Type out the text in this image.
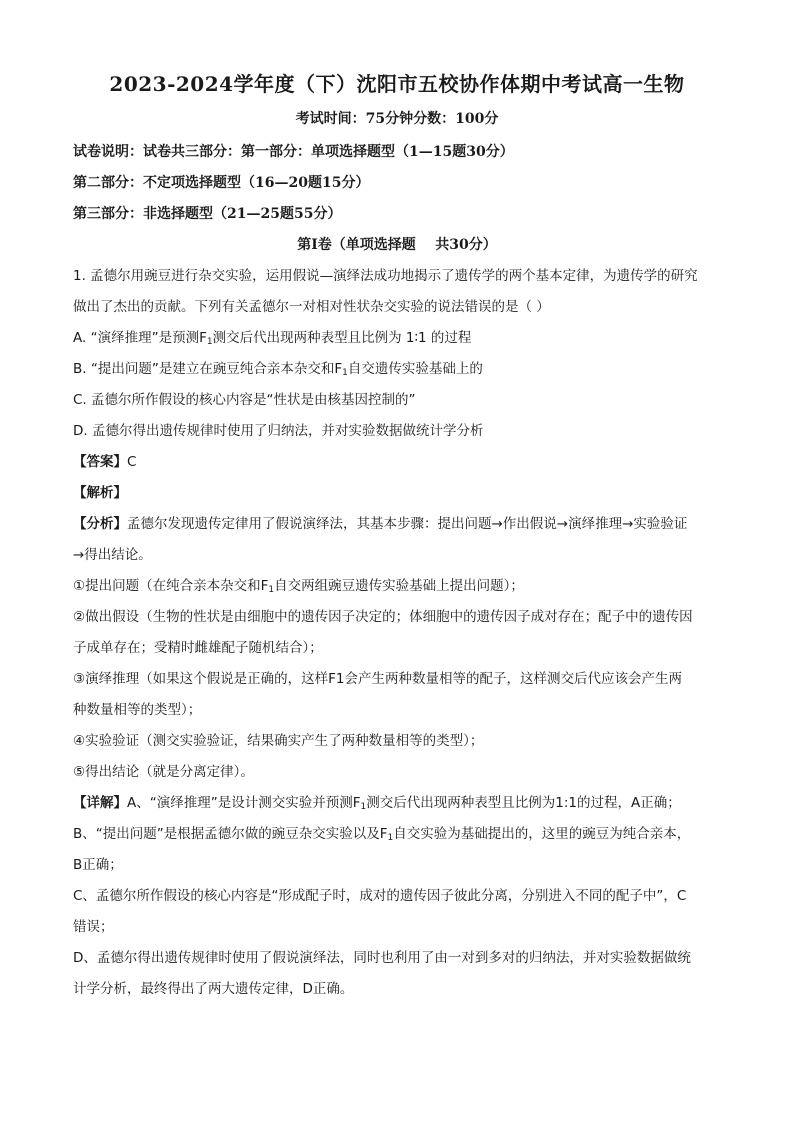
2023-2024学年度（下）沈阳市五校协作体期中考试高一生物
考试时间：75分钟分数：100分
试卷说明：试卷共三部分：第一部分：单项选择题型（1—15题30分）
第二部分：不定项选择题型（16—20题15分）
第三部分：非选择题型（21—25题55分）
第Ⅰ卷（单项选择题    共30分）
1. 孟德尔用豌豆进行杂交实验，运用假说—演绎法成功地揭示了遗传学的两个基本定律，为遗传学的研究
做出了杰出的贡献。下列有关孟德尔一对相对性状杂交实验的说法错误的是（ ）
A. “演绎推理”是预测$F_1$测交后代出现两种表型且比例为 1∶1 的过程
B. “提出问题”是建立在豌豆纯合亲本杂交和$F_1$自交遗传实验基础上的
C. 孟德尔所作假设的核心内容是“性状是由核基因控制的”
D. 孟德尔得出遗传规律时使用了归纳法，并对实验数据做统计学分析
【答案】C
【解析】
【分析】孟德尔发现遗传定律用了假说演绎法，其基本步骤：提出问题→作出假说→演绎推理→实验验证
→得出结论。
①提出问题（在纯合亲本杂交和$F_1$自交两组豌豆遗传实验基础上提出问题）；
②做出假设（生物的性状是由细胞中的遗传因子决定的；体细胞中的遗传因子成对存在；配子中的遗传因
子成单存在；受精时雌雄配子随机结合）；
③演绎推理（如果这个假说是正确的，这样F1会产生两种数量相等的配子，这样测交后代应该会产生两
种数量相等的类型）；
④实验验证（测交实验验证，结果确实产生了两种数量相等的类型）；
⑤得出结论（就是分离定律）。
【详解】A、“演绎推理”是设计测交实验并预测$F_1$测交后代出现两种表型且比例为1:1的过程，A正确；
B、“提出问题”是根据孟德尔做的豌豆杂交实验以及$F_1$自交实验为基础提出的，这里的豌豆为纯合亲本，
B正确；
C、孟德尔所作假设的核心内容是“形成配子时，成对的遗传因子彼此分离，分别进入不同的配子中”，C
错误；
D、孟德尔得出遗传规律时使用了假说演绎法，同时也利用了由一对到多对的归纳法，并对实验数据做统
计学分析，最终得出了两大遗传定律，D正确。
